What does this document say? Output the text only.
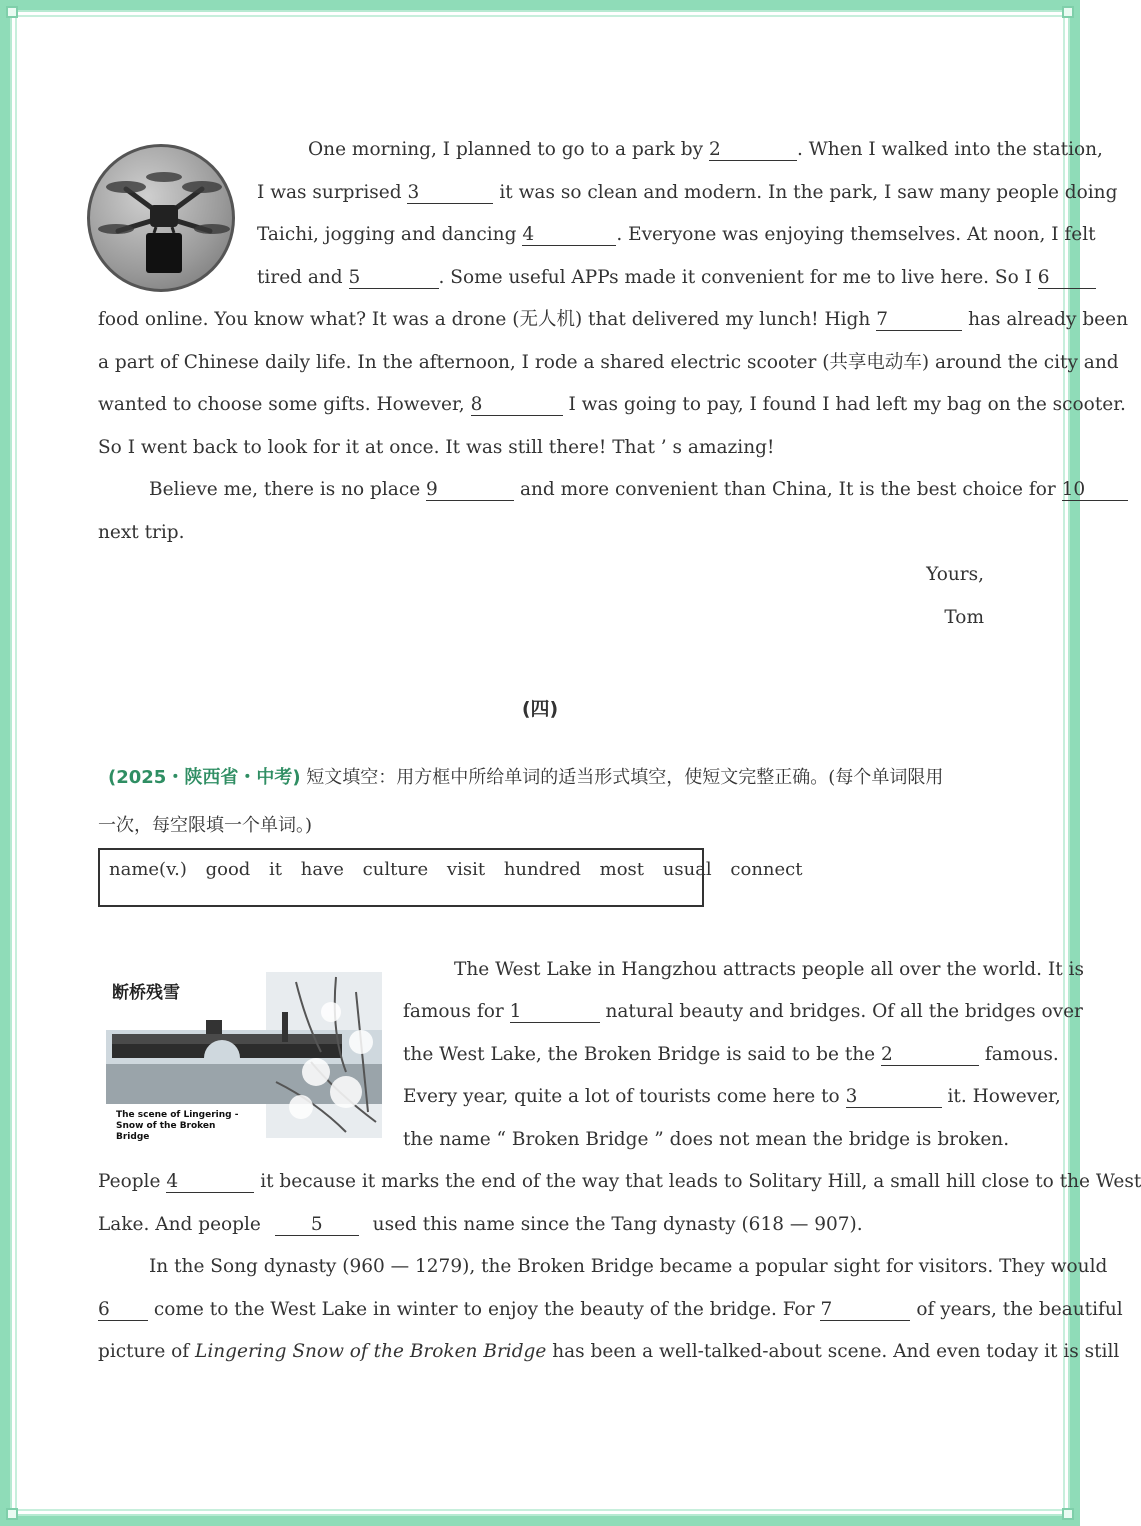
One morning, I planned to go to a park by 2	. When I walked into the station,
I was surprised 3	it was so clean and modern. In the park, I saw many people doing
Taichi, jogging and dancing 4	. Everyone was enjoying themselves. At noon, I felt
tired and 5	. Some useful APPs made it convenient for me to live here. So I 6
food online. You know what? It was a drone (无人机) that delivered my lunch! High 7	has already been
a part of Chinese daily life. In the afternoon, I rode a shared electric scooter (共享电动车) around the city and
wanted to choose some gifts. However, 8	I was going to pay, I found I had left my bag on the scooter.
So I went back to look for it at once. It was still there! That ’ s amazing!
Believe me, there is no place 9	and more convenient than China, It is the best choice for 10
next trip.
Yours,
Tom
(四)
(2025・陕西省・中考) 短文填空：用方框中所给单词的适当形式填空，使短文完整正确。(每个单词限用
一次，每空限填一个单词。)
name(v.) good it have culture visit hundred most usual connect
断桥残雪
The scene of Lingering - Snow of the Broken Bridge
The West Lake in Hangzhou attracts people all over the world. It is
famous for 1	natural beauty and bridges. Of all the bridges over
the West Lake, the Broken Bridge is said to be the 2	famous.
Every year, quite a lot of tourists come here to 3	it. However,
the name “ Broken Bridge ” does not mean the bridge is broken.
People 4	it because it marks the end of the way that leads to Solitary Hill, a small hill close to the West
Lake. And people	5	used this name since the Tang dynasty (618 — 907).
In the Song dynasty (960 — 1279), the Broken Bridge became a popular sight for visitors. They would
6 come to the West Lake in winter to enjoy the beauty of the bridge. For 7	of years, the beautiful
picture of Lingering Snow of the Broken Bridge has been a well-talked-about scene. And even today it is still
